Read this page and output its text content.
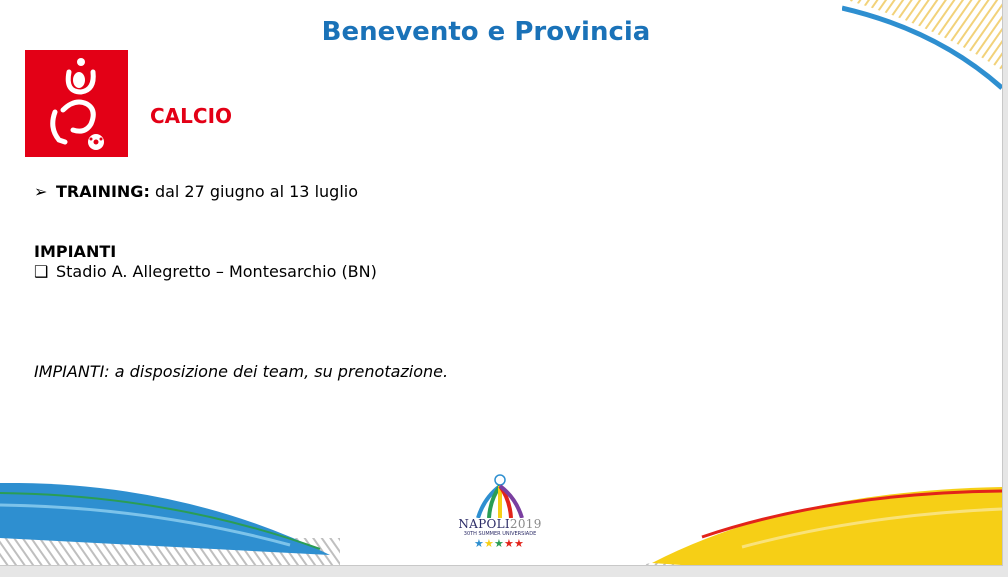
Benevento e Provincia
CALCIO
➢ TRAINING: dal 27 giugno al 13 luglio
IMPIANTI
❑ Stadio A. Allegretto – Montesarchio (BN)
IMPIANTI: a disposizione dei team, su prenotazione.
NAPOLI2019
30TH SUMMER UNIVERSIADE
★ ★ ★ ★ ★
